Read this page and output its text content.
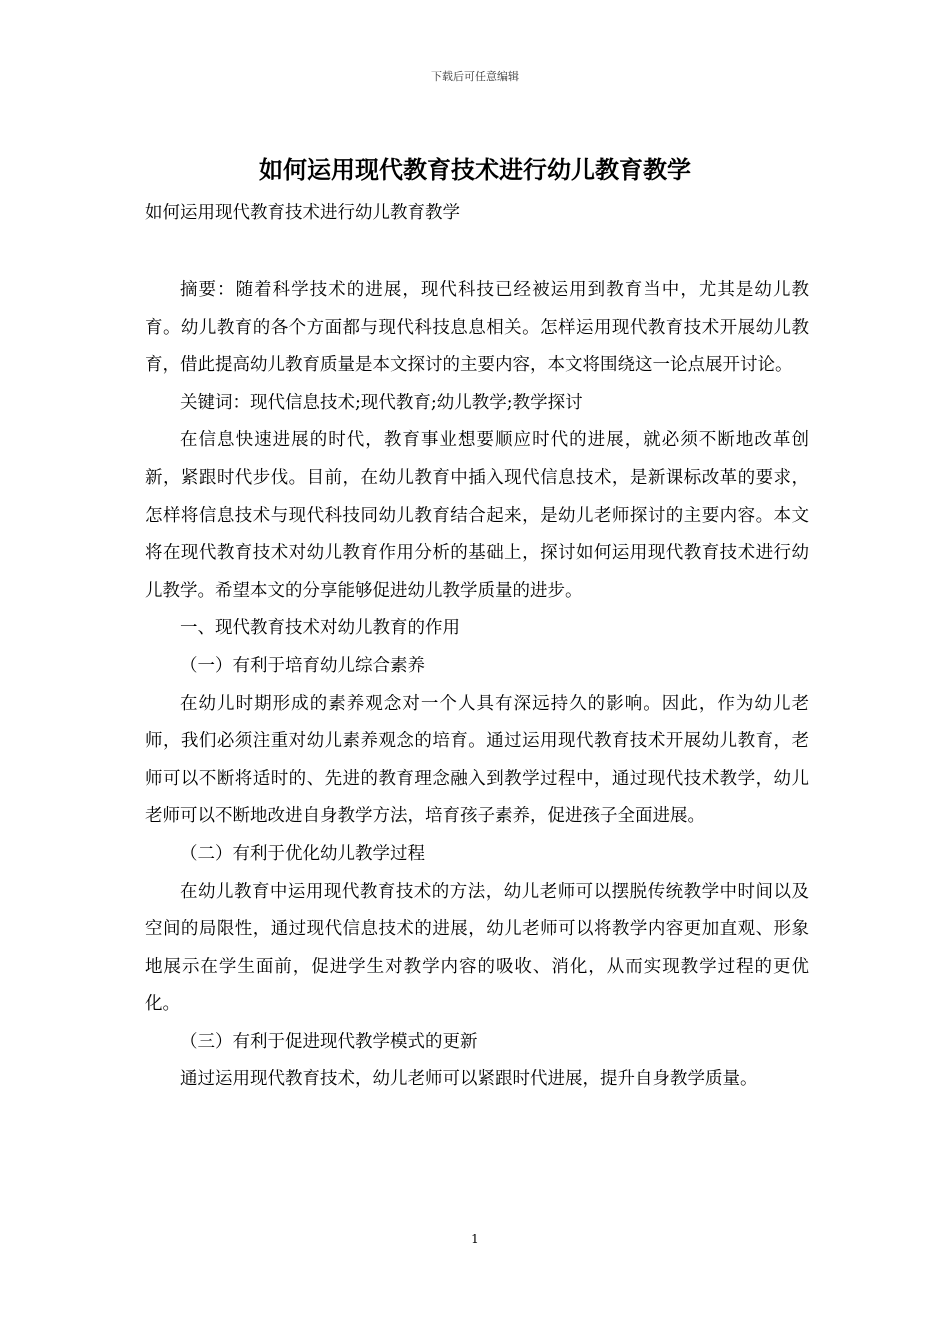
下载后可任意编辑
如何运用现代教育技术进行幼儿教育教学
如何运用现代教育技术进行幼儿教育教学

摘要：随着科学技术的进展，现代科技已经被运用到教育当中，尤其是幼儿教育。幼儿教育的各个方面都与现代科技息息相关。怎样运用现代教育技术开展幼儿教育，借此提高幼儿教育质量是本文探讨的主要内容，本文将围绕这一论点展开讨论。

关键词：现代信息技术;现代教育;幼儿教学;教学探讨

在信息快速进展的时代，教育事业想要顺应时代的进展，就必须不断地改革创新，紧跟时代步伐。目前，在幼儿教育中插入现代信息技术，是新课标改革的要求，怎样将信息技术与现代科技同幼儿教育结合起来，是幼儿老师探讨的主要内容。本文将在现代教育技术对幼儿教育作用分析的基础上，探讨如何运用现代教育技术进行幼儿教学。希望本文的分享能够促进幼儿教学质量的进步。

一、现代教育技术对幼儿教育的作用

（一）有利于培育幼儿综合素养

在幼儿时期形成的素养观念对一个人具有深远持久的影响。因此，作为幼儿老师，我们必须注重对幼儿素养观念的培育。通过运用现代教育技术开展幼儿教育，老师可以不断将适时的、先进的教育理念融入到教学过程中，通过现代技术教学，幼儿老师可以不断地改进自身教学方法，培育孩子素养，促进孩子全面进展。

（二）有利于优化幼儿教学过程

在幼儿教育中运用现代教育技术的方法，幼儿老师可以摆脱传统教学中时间以及空间的局限性，通过现代信息技术的进展，幼儿老师可以将教学内容更加直观、形象地展示在学生面前，促进学生对教学内容的吸收、消化，从而实现教学过程的更优化。

（三）有利于促进现代教学模式的更新

通过运用现代教育技术，幼儿老师可以紧跟时代进展，提升自身教学质量。

1
